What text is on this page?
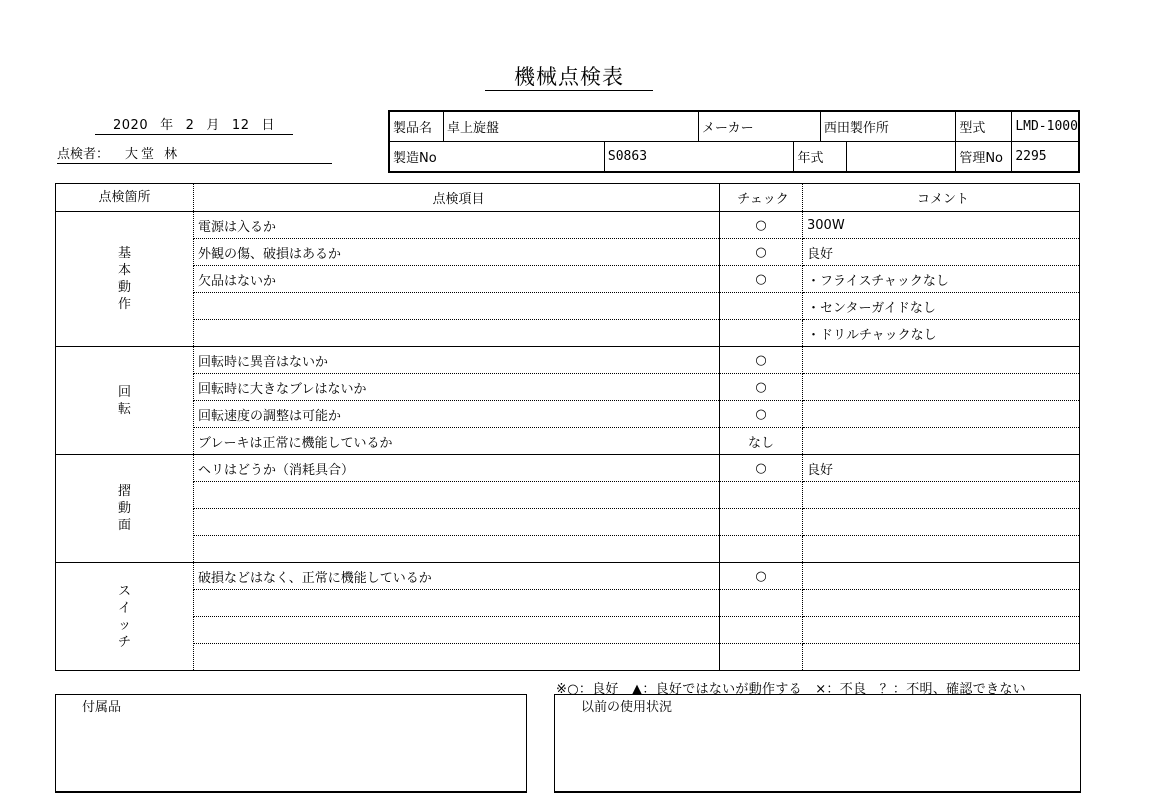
機械点検表
2020 年 2 月 12 日
点検者： 大堂 林
製品名	卓上旋盤		メーカー		西田製作所		型式	LMD-1000
製造No		S0863		年式			管理No	2295
点検箇所	点検項目	チェック	コメント
基
本
動
作	電源は入るか	○	300W
	外観の傷、破損はあるか	○	良好
	欠品はないか	○	・フライスチャックなし
			・センターガイドなし
			・ドリルチャックなし
回
転	回転時に異音はないか	○	
	回転時に大きなブレはないか	○	
	回転速度の調整は可能か	○	
	ブレーキは正常に機能しているか	なし	
摺
動
面	ヘリはどうか（消耗具合）	○	良好

ス
イ
ッ
チ	破損などはなく、正常に機能しているか	○	

※○：良好　▲：良好ではないが動作する　×：不良　？：不明、確認できない
付属品	以前の使用状況
